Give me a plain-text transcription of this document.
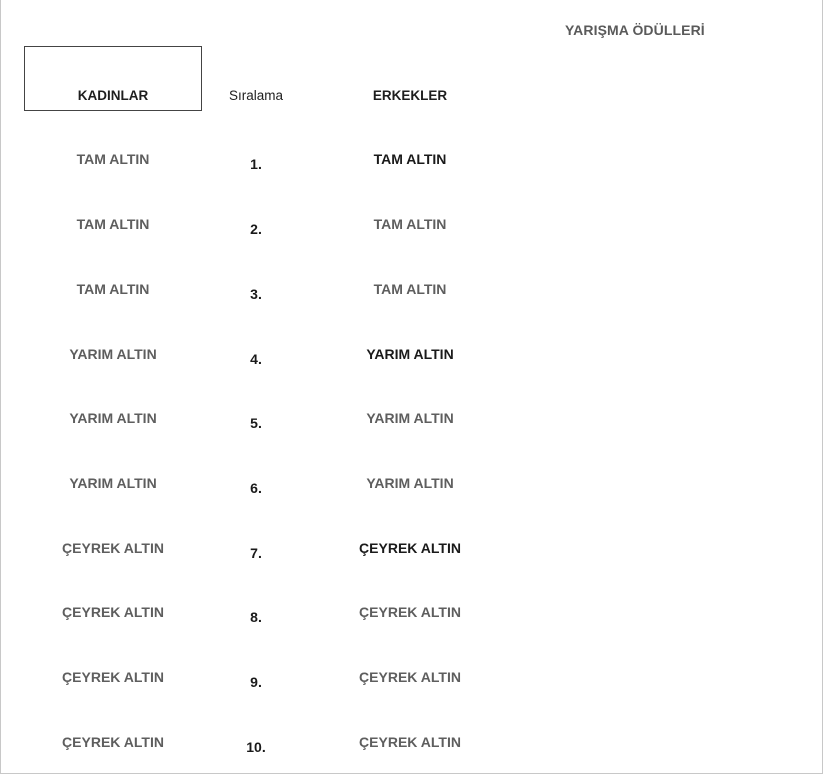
YARIŞMA ÖDÜLLERİ
KADINLAR	Sıralama	ERKEKLER
TAM ALTIN	1.	TAM ALTIN
TAM ALTIN	2.	TAM ALTIN
TAM ALTIN	3.	TAM ALTIN
YARIM ALTIN	4.	YARIM ALTIN
YARIM ALTIN	5.	YARIM ALTIN
YARIM ALTIN	6.	YARIM ALTIN
ÇEYREK ALTIN	7.	ÇEYREK ALTIN
ÇEYREK ALTIN	8.	ÇEYREK ALTIN
ÇEYREK ALTIN	9.	ÇEYREK ALTIN
ÇEYREK ALTIN	10.	ÇEYREK ALTIN
